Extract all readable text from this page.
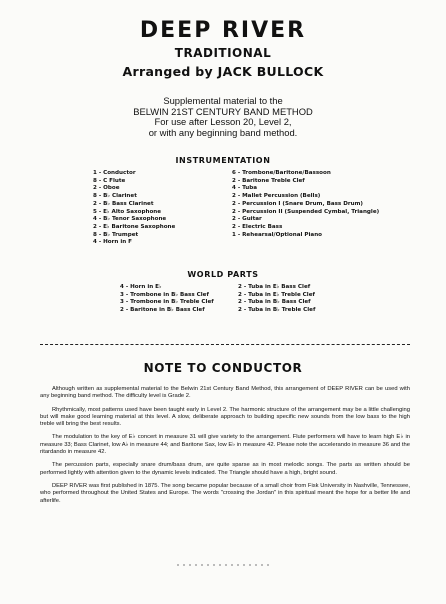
DEEP RIVER
TRADITIONAL
Arranged by JACK BULLOCK
Supplemental material to the
BELWIN 21ST CENTURY BAND METHOD
For use after Lesson 20, Level 2,
or with any beginning band method.
INSTRUMENTATION
1 - Conductor
8 - C Flute
2 - Oboe
8 - B♭ Clarinet
2 - B♭ Bass Clarinet
5 - E♭ Alto Saxophone
4 - B♭ Tenor Saxophone
2 - E♭ Baritone Saxophone
8 - B♭ Trumpet
4 - Horn in F
6 - Trombone/Baritone/Bassoon
2 - Baritone Treble Clef
4 - Tuba
2 - Mallet Percussion (Bells)
2 - Percussion I (Snare Drum, Bass Drum)
2 - Percussion II (Suspended Cymbal, Triangle)
2 - Guitar
2 - Electric Bass
1 - Rehearsal/Optional Piano
WORLD PARTS
4 - Horn in E♭
3 - Trombone in B♭ Bass Clef
3 - Trombone in B♭ Treble Clef
2 - Baritone in B♭ Bass Clef
2 - Tuba in E♭ Bass Clef
2 - Tuba in E♭ Treble Clef
2 - Tuba in B♭ Bass Clef
2 - Tuba in B♭ Treble Clef
NOTE TO CONDUCTOR

Although written as supplemental material to the Belwin 21st Century Band Method, this arrangement of DEEP RIVER can be used with any beginning band method. The difficulty level is Grade 2.

Rhythmically, most patterns used have been taught early in Level 2. The harmonic structure of the arrangement may be a little challenging but will make good learning material at this level. A slow, deliberate approach to building specific new sounds from the low bass to the high treble will bring the best results.

The modulation to the key of E♭ concert in measure 31 will give variety to the arrangement. Flute performers will have to learn high E♭ in measure 33; Bass Clarinet, low A♭ in measure 44; and Baritone Sax, low E♭ in measure 42. Please note the accelerando in measure 36 and the ritardando in measure 42.

The percussion parts, especially snare drum/bass drum, are quite sparse as in most melodic songs. The parts as written should be performed lightly with attention given to the dynamic levels indicated. The Triangle should have a high, bright sound.

DEEP RIVER was first published in 1875. The song became popular because of a small choir from Fisk University in Nashville, Tennessee, who performed throughout the United States and Europe. The words "crossing the Jordan" in this spiritual meant the hope for a better life and afterlife.
